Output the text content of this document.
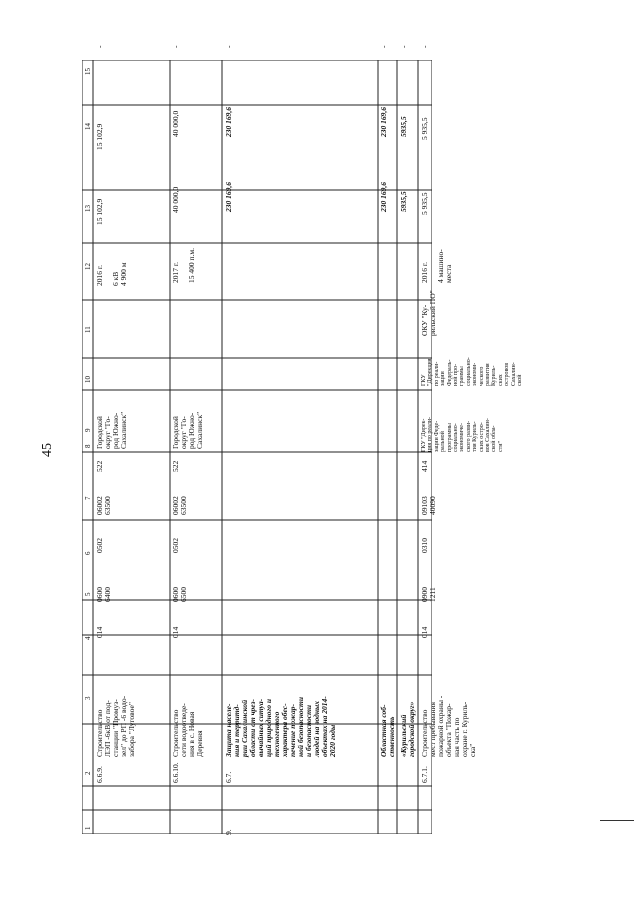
45
1
2
3
4
5
6
7
8
9
10
11
12
13
14
15
6.6.9.
Строительство
ЛЭП -6кВ от под-
станции "Промуз-
зел" до РП -6 водо-
забора "Луговое"
014
0600
6400
0502
06002
63500
522
Городской
округ "Го-
род Южно-
Сахалинск"
2016 г.

6 кВ
4 900 м
15 102,9
15 102,9
-
6.6.10.
Строительство
сети водоотведе-
ния в с. Новая
Деревня
014
0600
6500
0502
06002
63500
522
Городской
округ "Го-
род Южно-
Сахалинск"
2017 г.

15 400 п.м.
40 000,0
40 000,0
-
9.
6.7.
Защита населе-
ния и территд-
рии Сахалинской
области от чрез-
вычайных ситуа-
ций природного и
техногенного
характера обес-
печение пожар-
ной безопасности
и безопасности
людей на водных
объектах на 2014-
2020 годы
230 169,6
230 169,6
-
Областная соб-
ственность
230 169,6
230 169,6
-
«Курильский
городской округ»
5935,5
5935,5
-
6.7.1.
Строительство
мест пребывания
пожарной охраны -
объекта "Пожар-
ная часть по
охране г. Куриль-
ска"
014
0900
1211
0310
09103
40090
414
ГКУ "Дирек-
ция по реали-
зации Феде-
ральной
программы
социально-
экономиче-
ского разви-
тия Куриль-
ских остро-
вов Сахалин-
ской обла-
сти"
ГКУ
"Дирекция
по реали-
зации
Федераль-
ной про-
граммы
социально-
экономи-
ческого
развития
Куриль-
ских
островов
Сахалин-
ской
ОКУ "Ку-
рильский ПО"
2016 г.

4 машино-
места
5 935,5
5 935,5
-
